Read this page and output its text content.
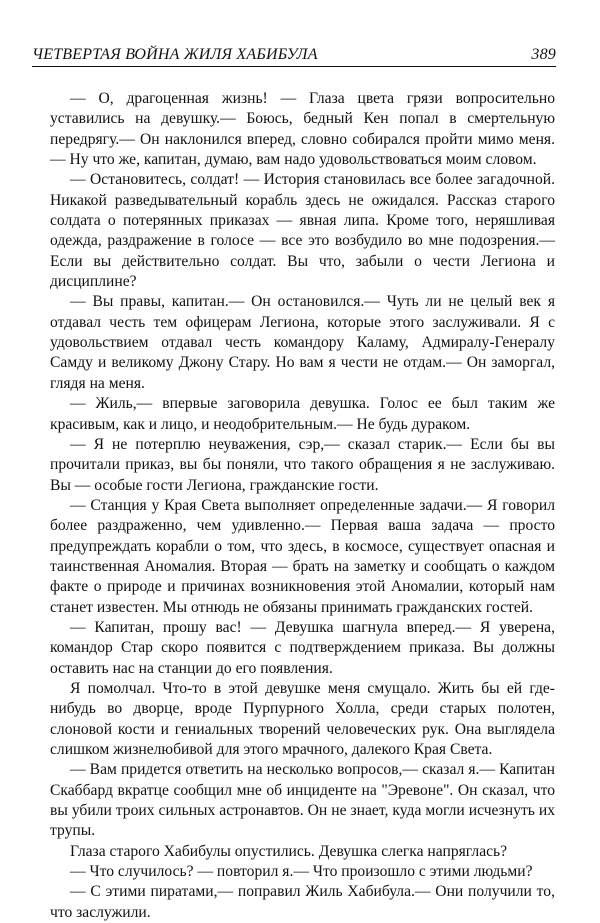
ЧЕТВЕРТАЯ ВОЙНА ЖИЛЯ ХАБИБУЛА	389

— О, драгоценная жизнь! — Глаза цвета грязи вопросительно уставились на девушку.— Боюсь, бедный Кен попал в смертельную передрягу.— Он наклонился вперед, словно собирался пройти мимо меня.— Ну что же, капитан, думаю, вам надо удовольствоваться моим словом.

— Остановитесь, солдат! — История становилась все более загадочной. Никакой разведывательный корабль здесь не ожидался. Рассказ старого солдата о потерянных приказах — явная липа. Кроме того, неряшливая одежда, раздражение в голосе — все это возбудило во мне подозрения.— Если вы действительно солдат. Вы что, забыли о чести Легиона и дисциплине?

— Вы правы, капитан.— Он остановился.— Чуть ли не целый век я отдавал честь тем офицерам Легиона, которые этого заслуживали. Я с удовольствием отдавал честь командору Каламу, Адмиралу-Генералу Самду и великому Джону Стару. Но вам я чести не отдам.— Он заморгал, глядя на меня.

— Жиль,— впервые заговорила девушка. Голос ее был таким же красивым, как и лицо, и неодобрительным.— Не будь дураком.

— Я не потерплю неуважения, сэр,— сказал старик.— Если бы вы прочитали приказ, вы бы поняли, что такого обращения я не заслуживаю. Вы — особые гости Легиона, гражданские гости.

— Станция у Края Света выполняет определенные задачи.— Я говорил более раздраженно, чем удивленно.— Первая ваша задача — просто предупреждать корабли о том, что здесь, в космосе, существует опасная и таинственная Аномалия. Вторая — брать на заметку и сообщать о каждом факте о природе и причинах возникновения этой Аномалии, который нам станет известен. Мы отнюдь не обязаны принимать гражданских гостей.

— Капитан, прошу вас! — Девушка шагнула вперед.— Я уверена, командор Стар скоро появится с подтверждением приказа. Вы должны оставить нас на станции до его появления.

Я помолчал. Что-то в этой девушке меня смущало. Жить бы ей где-нибудь во дворце, вроде Пурпурного Холла, среди старых полотен, слоновой кости и гениальных творений человеческих рук. Она выглядела слишком жизнелюбивой для этого мрачного, далекого Края Света.

— Вам придется ответить на несколько вопросов,— сказал я.— Капитан Скаббард вкратце сообщил мне об инциденте на "Эревоне". Он сказал, что вы убили троих сильных астронавтов. Он не знает, куда могли исчезнуть их трупы.

Глаза старого Хабибулы опустились. Девушка слегка напряглась?

— Что случилось? — повторил я.— Что произошло с этими людьми?

— С этими пиратами,— поправил Жиль Хабибула.— Они получили то, что заслужили.
